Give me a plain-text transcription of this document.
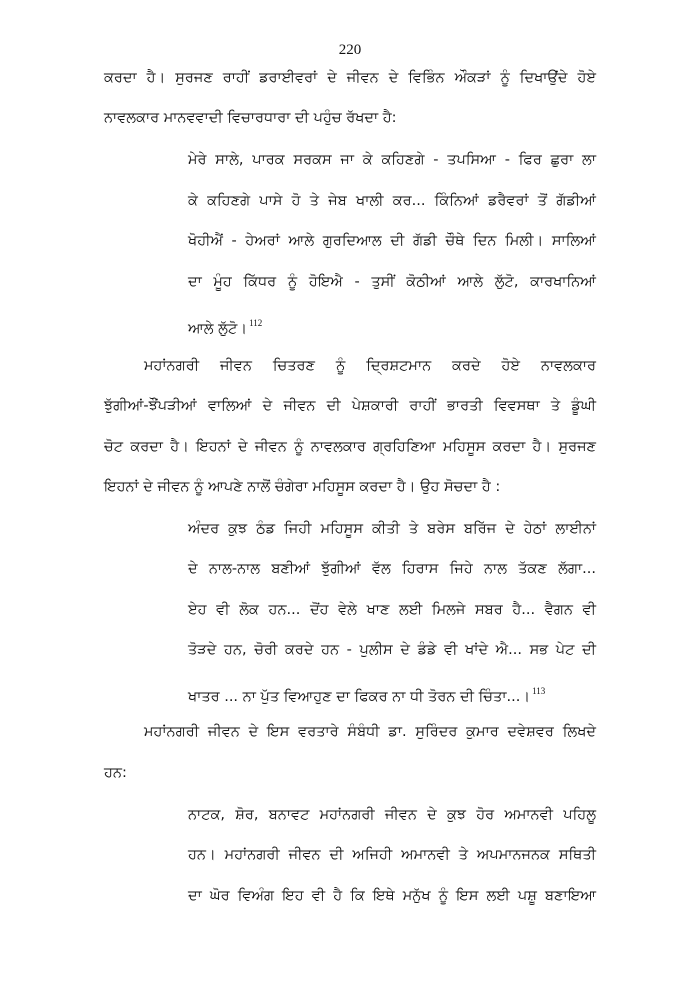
220
ਕਰਦਾ ਹੈ। ਸੁਰਜਣ ਰਾਹੀਂ ਡਰਾਈਵਰਾਂ ਦੇ ਜੀਵਨ ਦੇ ਵਿਭਿੰਨ ਔਕੜਾਂ ਨੂੰ ਦਿਖਾਉਂਦੇ ਹੋਏ
ਨਾਵਲਕਾਰ ਮਾਨਵਵਾਦੀ ਵਿਚਾਰਧਾਰਾ ਦੀ ਪਹੁੰਚ ਰੱਖਦਾ ਹੈ:
ਮੇਰੇ ਸਾਲੇ, ਪਾਰਕ ਸਰਕਸ ਜਾ ਕੇ ਕਹਿਣਗੇ - ਤਪਸਿਆ - ਫਿਰ ਛੁਰਾ ਲਾ
ਕੇ ਕਹਿਣਗੇ ਪਾਸੇ ਹੋ ਤੇ ਜੇਬ ਖਾਲੀ ਕਰ... ਕਿੰਨਿਆਂ ਡਰੈਵਰਾਂ ਤੋਂ ਗੱਡੀਆਂ
ਖੋਹੀਐਂ - ਹੇਅਰਾਂ ਆਲੇ ਗੁਰਦਿਆਲ ਦੀ ਗੱਡੀ ਚੌਥੇ ਦਿਨ ਮਿਲੀ। ਸਾਲਿਆਂ
ਦਾ ਮੂੰਹ ਕਿੱਧਰ ਨੂੰ ਹੋਇਐ - ਤੁਸੀਂ ਕੋਠੀਆਂ ਆਲੇ ਲੁੱਟੋ, ਕਾਰਖਾਨਿਆਂ
ਆਲੇ ਲੁੱਟੋ। $^{112}$
ਮਹਾਂਨਗਰੀ ਜੀਵਨ ਚਿਤਰਣ ਨੂੰ ਦ੍ਰਿਸ਼ਟਮਾਨ ਕਰਦੇ ਹੋਏ ਨਾਵਲਕਾਰ
ਝੁੱਗੀਆਂ-ਝੌਂਪੜੀਆਂ ਵਾਲਿਆਂ ਦੇ ਜੀਵਨ ਦੀ ਪੇਸ਼ਕਾਰੀ ਰਾਹੀਂ ਭਾਰਤੀ ਵਿਵਸਥਾ ਤੇ ਡੂੰਘੀ
ਚੋਟ ਕਰਦਾ ਹੈ। ਇਹਨਾਂ ਦੇ ਜੀਵਨ ਨੂੰ ਨਾਵਲਕਾਰ ਗ੍ਰਹਿਣਿਆ ਮਹਿਸੂਸ ਕਰਦਾ ਹੈ। ਸੁਰਜਣ
ਇਹਨਾਂ ਦੇ ਜੀਵਨ ਨੂੰ ਆਪਣੇ ਨਾਲੋਂ ਚੰਗੇਰਾ ਮਹਿਸੂਸ ਕਰਦਾ ਹੈ। ਉਹ ਸੋਚਦਾ ਹੈ :
ਅੰਦਰ ਕੁਝ ਠੰਡ ਜਿਹੀ ਮਹਿਸੂਸ ਕੀਤੀ ਤੇ ਬਰੇਸ ਬਰਿੱਜ ਦੇ ਹੇਠਾਂ ਲਾਈਨਾਂ
ਦੇ ਨਾਲ-ਨਾਲ ਬਣੀਆਂ ਝੁੱਗੀਆਂ ਵੱਲ ਹਿਰਾਸ ਜਿਹੇ ਨਾਲ ਤੱਕਣ ਲੱਗਾ...
ਏਹ ਵੀ ਲੋਕ ਹਨ... ਦੋਂਹ ਵੇਲੇ ਖਾਣ ਲਈ ਮਿਲਜੇ ਸਬਰ ਹੈ... ਵੈਗਨ ਵੀ
ਤੋੜਦੇ ਹਨ, ਚੋਰੀ ਕਰਦੇ ਹਨ - ਪੁਲੀਸ ਦੇ ਡੰਡੇ ਵੀ ਖਾਂਦੇ ਐ... ਸਭ ਪੇਟ ਦੀ
ਖਾਤਰ ... ਨਾ ਪੁੱਤ ਵਿਆਹੁਣ ਦਾ ਫਿਕਰ ਨਾ ਧੀ ਤੋਰਨ ਦੀ ਚਿੰਤਾ...। $^{113}$
ਮਹਾਂਨਗਰੀ ਜੀਵਨ ਦੇ ਇਸ ਵਰਤਾਰੇ ਸੰਬੰਧੀ ਡਾ. ਸੁਰਿੰਦਰ ਕੁਮਾਰ ਦਵੇਸ਼ਵਰ ਲਿਖਦੇ
ਹਨ:
ਨਾਟਕ, ਸ਼ੋਰ, ਬਨਾਵਟ ਮਹਾਂਨਗਰੀ ਜੀਵਨ ਦੇ ਕੁਝ ਹੋਰ ਅਮਾਨਵੀ ਪਹਿਲੂ
ਹਨ। ਮਹਾਂਨਗਰੀ ਜੀਵਨ ਦੀ ਅਜਿਹੀ ਅਮਾਨਵੀ ਤੇ ਅਪਮਾਨਜਨਕ ਸਥਿਤੀ
ਦਾ ਘੋਰ ਵਿਅੰਗ ਇਹ ਵੀ ਹੈ ਕਿ ਇਥੇ ਮਨੁੱਖ ਨੂੰ ਇਸ ਲਈ ਪਸ਼ੂ ਬਣਾਇਆ
